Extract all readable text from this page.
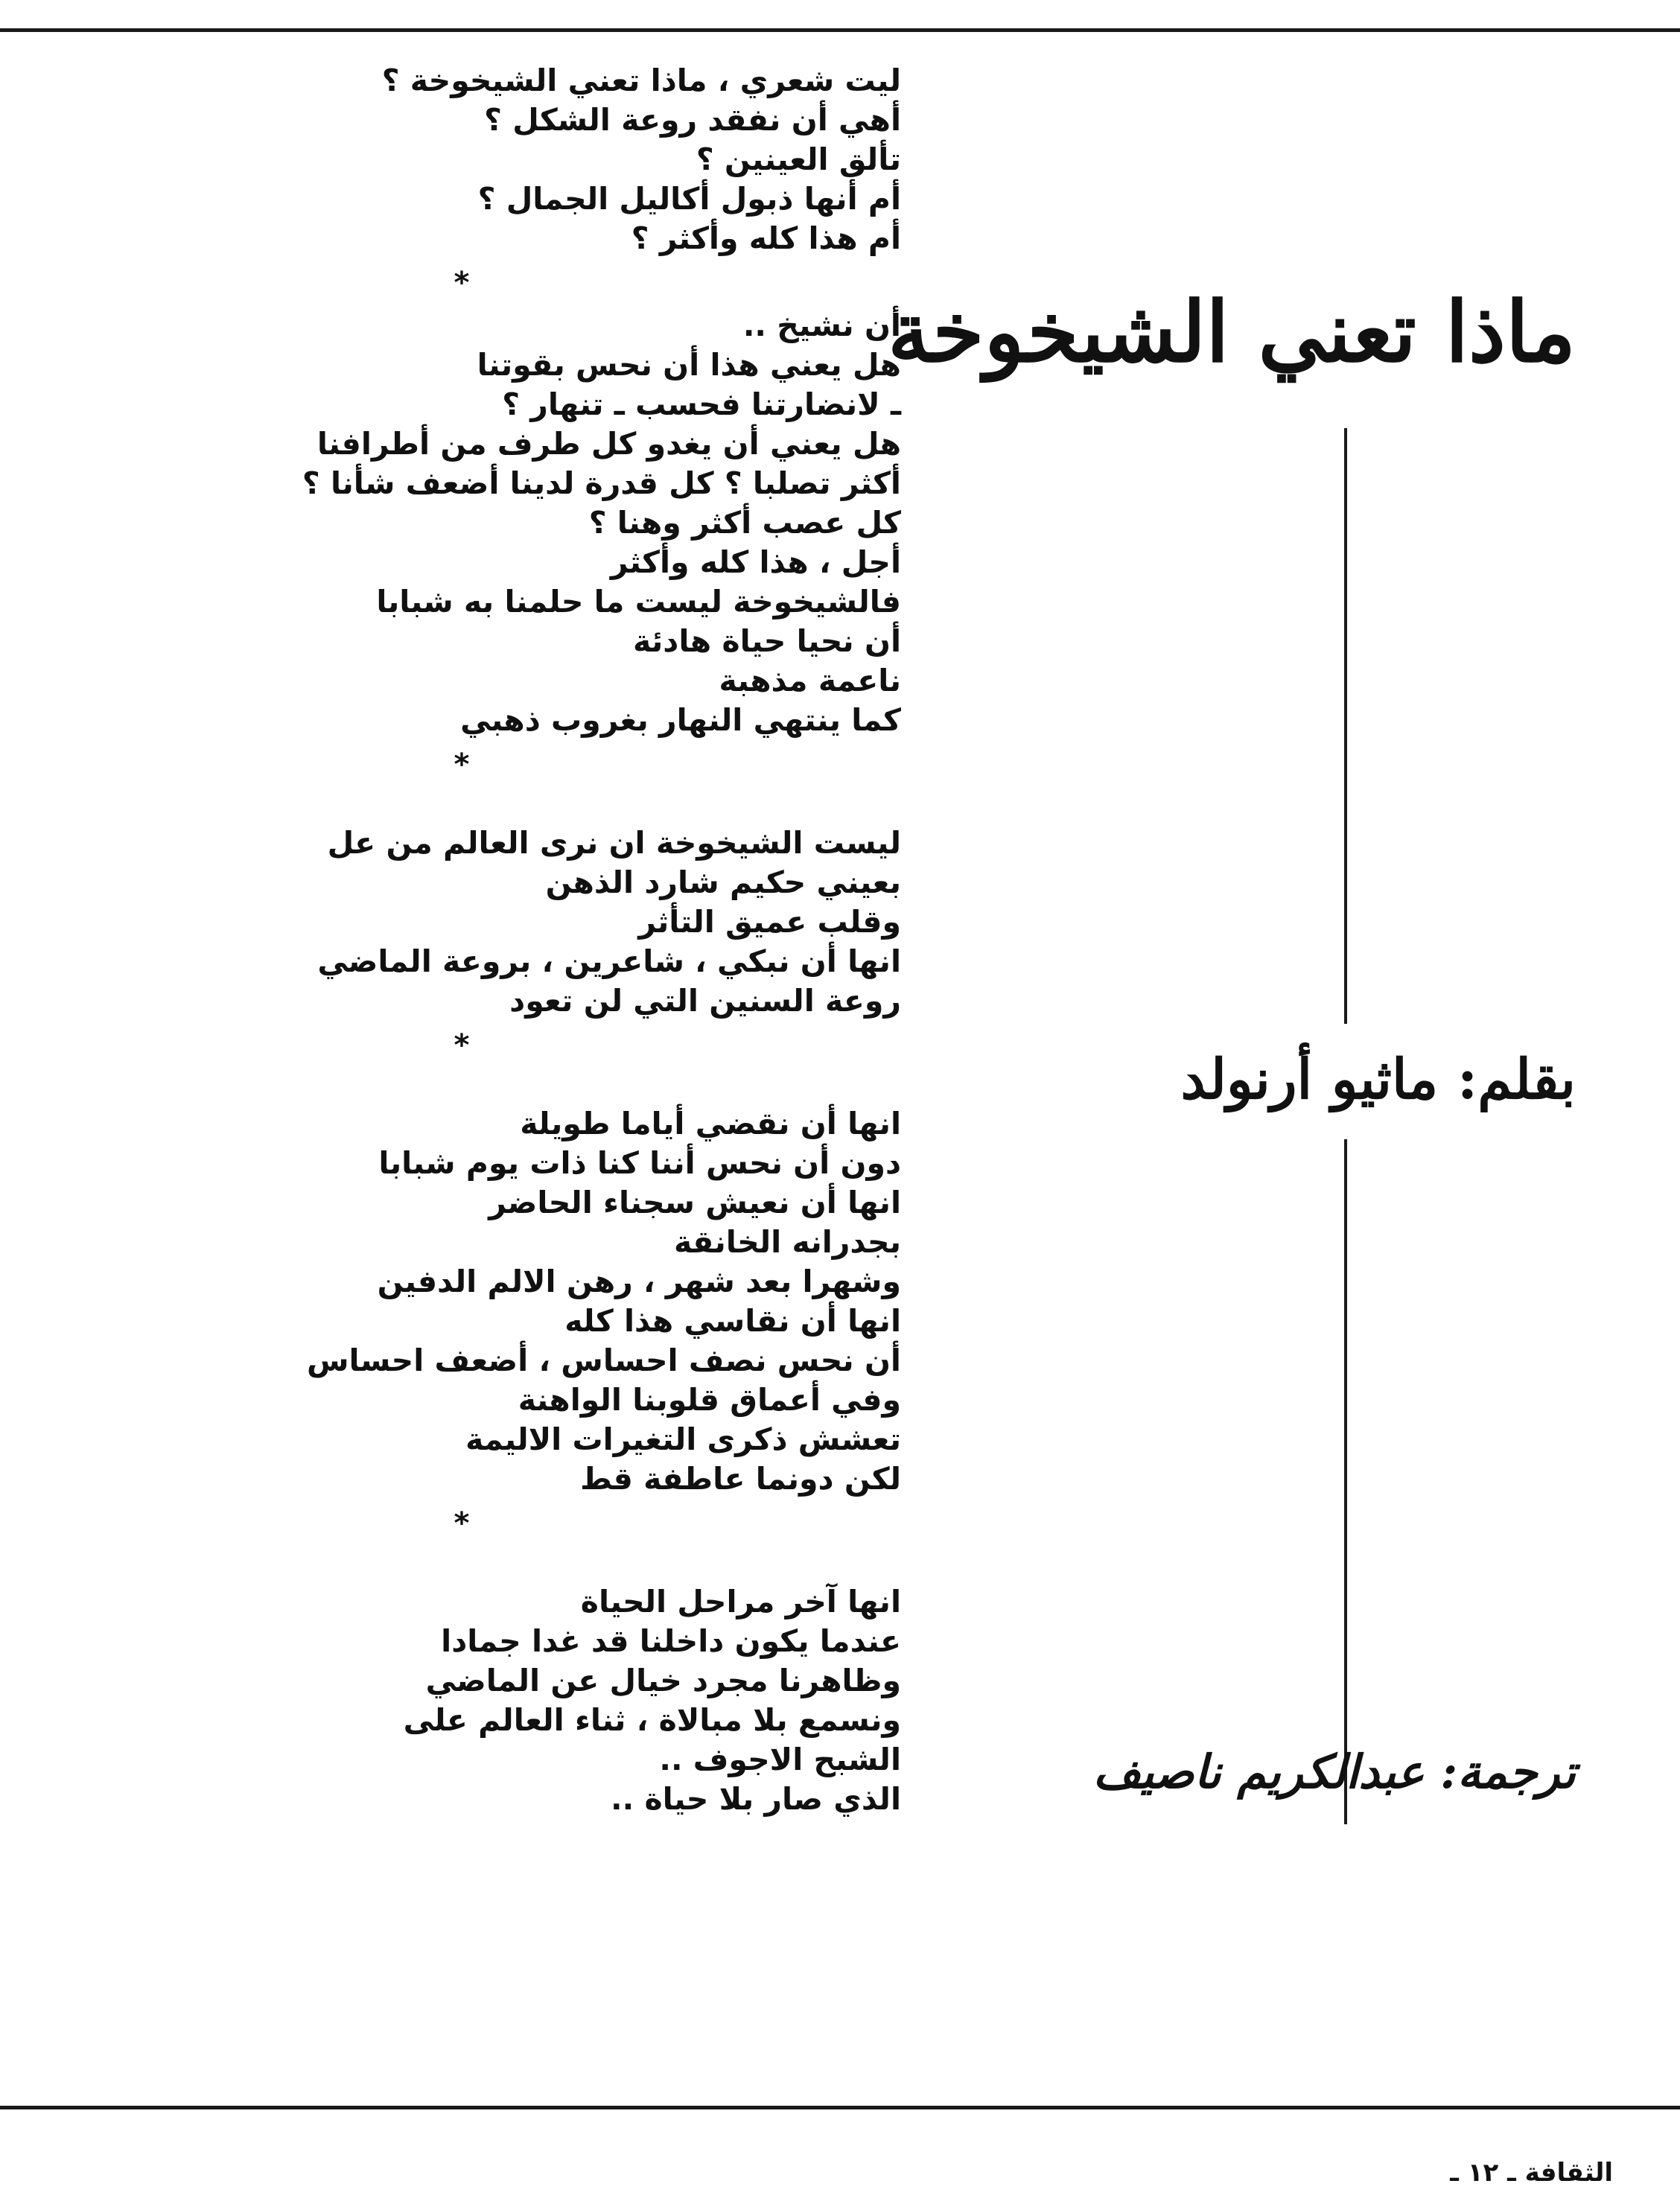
ليت شعري ، ماذا تعني الشيخوخة ؟
أهي أن نفقد روعة الشكل ؟
تألق العينين ؟
أم أنها ذبول أكاليل الجمال ؟
أم هذا كله وأكثر ؟
*
أن نشيخ ..
هل يعني هذا أن نحس بقوتنا
ـ لانضارتنا فحسب ـ تنهار ؟
هل يعني أن يغدو كل طرف من أطرافنا
أكثر تصلبا ؟ كل قدرة لدينا أضعف شأنا ؟
كل عصب أكثر وهنا ؟
أجل ، هذا كله وأكثر
فالشيخوخة ليست ما حلمنا به شبابا
أن نحيا حياة هادئة
ناعمة مذهبة
كما ينتهي النهار بغروب ذهبي
*
ليست الشيخوخة ان نرى العالم من عل
بعيني حكيم شارد الذهن
وقلب عميق التأثر
انها أن نبكي ، شاعرين ، بروعة الماضي
روعة السنين التي لن تعود
*
انها أن نقضي أياما طويلة
دون أن نحس أننا كنا ذات يوم شبابا
انها أن نعيش سجناء الحاضر
بجدرانه الخانقة
وشهرا بعد شهر ، رهن الالم الدفين
انها أن نقاسي هذا كله
أن نحس نصف احساس ، أضعف احساس
وفي أعماق قلوبنا الواهنة
تعشش ذكرى التغيرات الاليمة
لكن دونما عاطفة قط
*
انها آخر مراحل الحياة
عندما يكون داخلنا قد غدا جمادا
وظاهرنا مجرد خيال عن الماضي
ونسمع بلا مبالاة ، ثناء العالم على
الشبح الاجوف ..
الذي صار بلا حياة ..
ماذا تعني الشيخوخة
بقلم: ماثيو أرنولد
ترجمة: عبدالكريم ناصيف
الثقافة ـ ١٢ ـ
